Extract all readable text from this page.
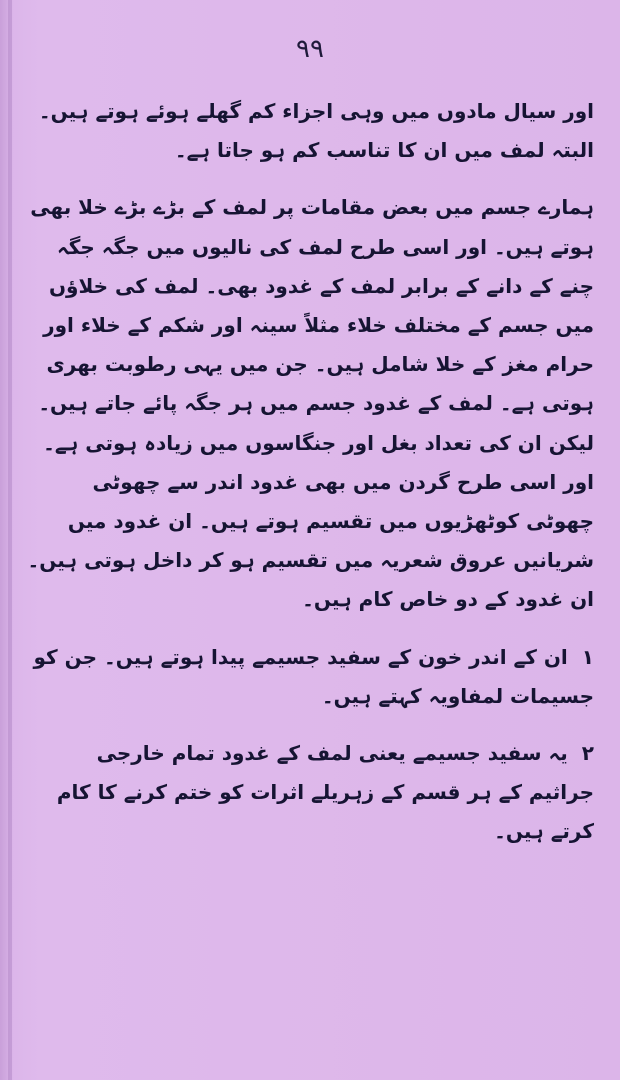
۹۹

اور سیال مادوں میں وہی اجزاء کم گھلے ہوئے ہوتے ہیں۔ البتہ لمف میں ان کا تناسب کم ہو جاتا ہے۔

ہمارے جسم میں بعض مقامات پر لمف کے بڑے بڑے خلا بھی ہوتے ہیں۔ اور اسی طرح لمف کی نالیوں میں جگہ جگہ چنے کے دانے کے برابر لمف کے غدود بھی۔ لمف کی خلاؤں میں جسم کے مختلف خلاء مثلاً سینہ اور شکم کے خلاء اور حرام مغز کے خلا شامل ہیں۔ جن میں یہی رطوبت بھری ہوتی ہے۔ لمف کے غدود جسم میں ہر جگہ پائے جاتے ہیں۔ لیکن ان کی تعداد بغل اور جنگاسوں میں زیادہ ہوتی ہے۔ اور اسی طرح گردن میں بھی غدود اندر سے چھوٹی چھوٹی کوٹھڑیوں میں تقسیم ہوتے ہیں۔ ان غدود میں شریانیں عروق شعریہ میں تقسیم ہو کر داخل ہوتی ہیں۔ ان غدود کے دو خاص کام ہیں۔

۱ان کے اندر خون کے سفید جسیمے پیدا ہوتے ہیں۔ جن کو جسیمات لمفاویہ کہتے ہیں۔

۲یہ سفید جسیمے یعنی لمف کے غدود تمام خارجی جراثیم کے ہر قسم کے زہریلے اثرات کو ختم کرنے کا کام کرتے ہیں۔
